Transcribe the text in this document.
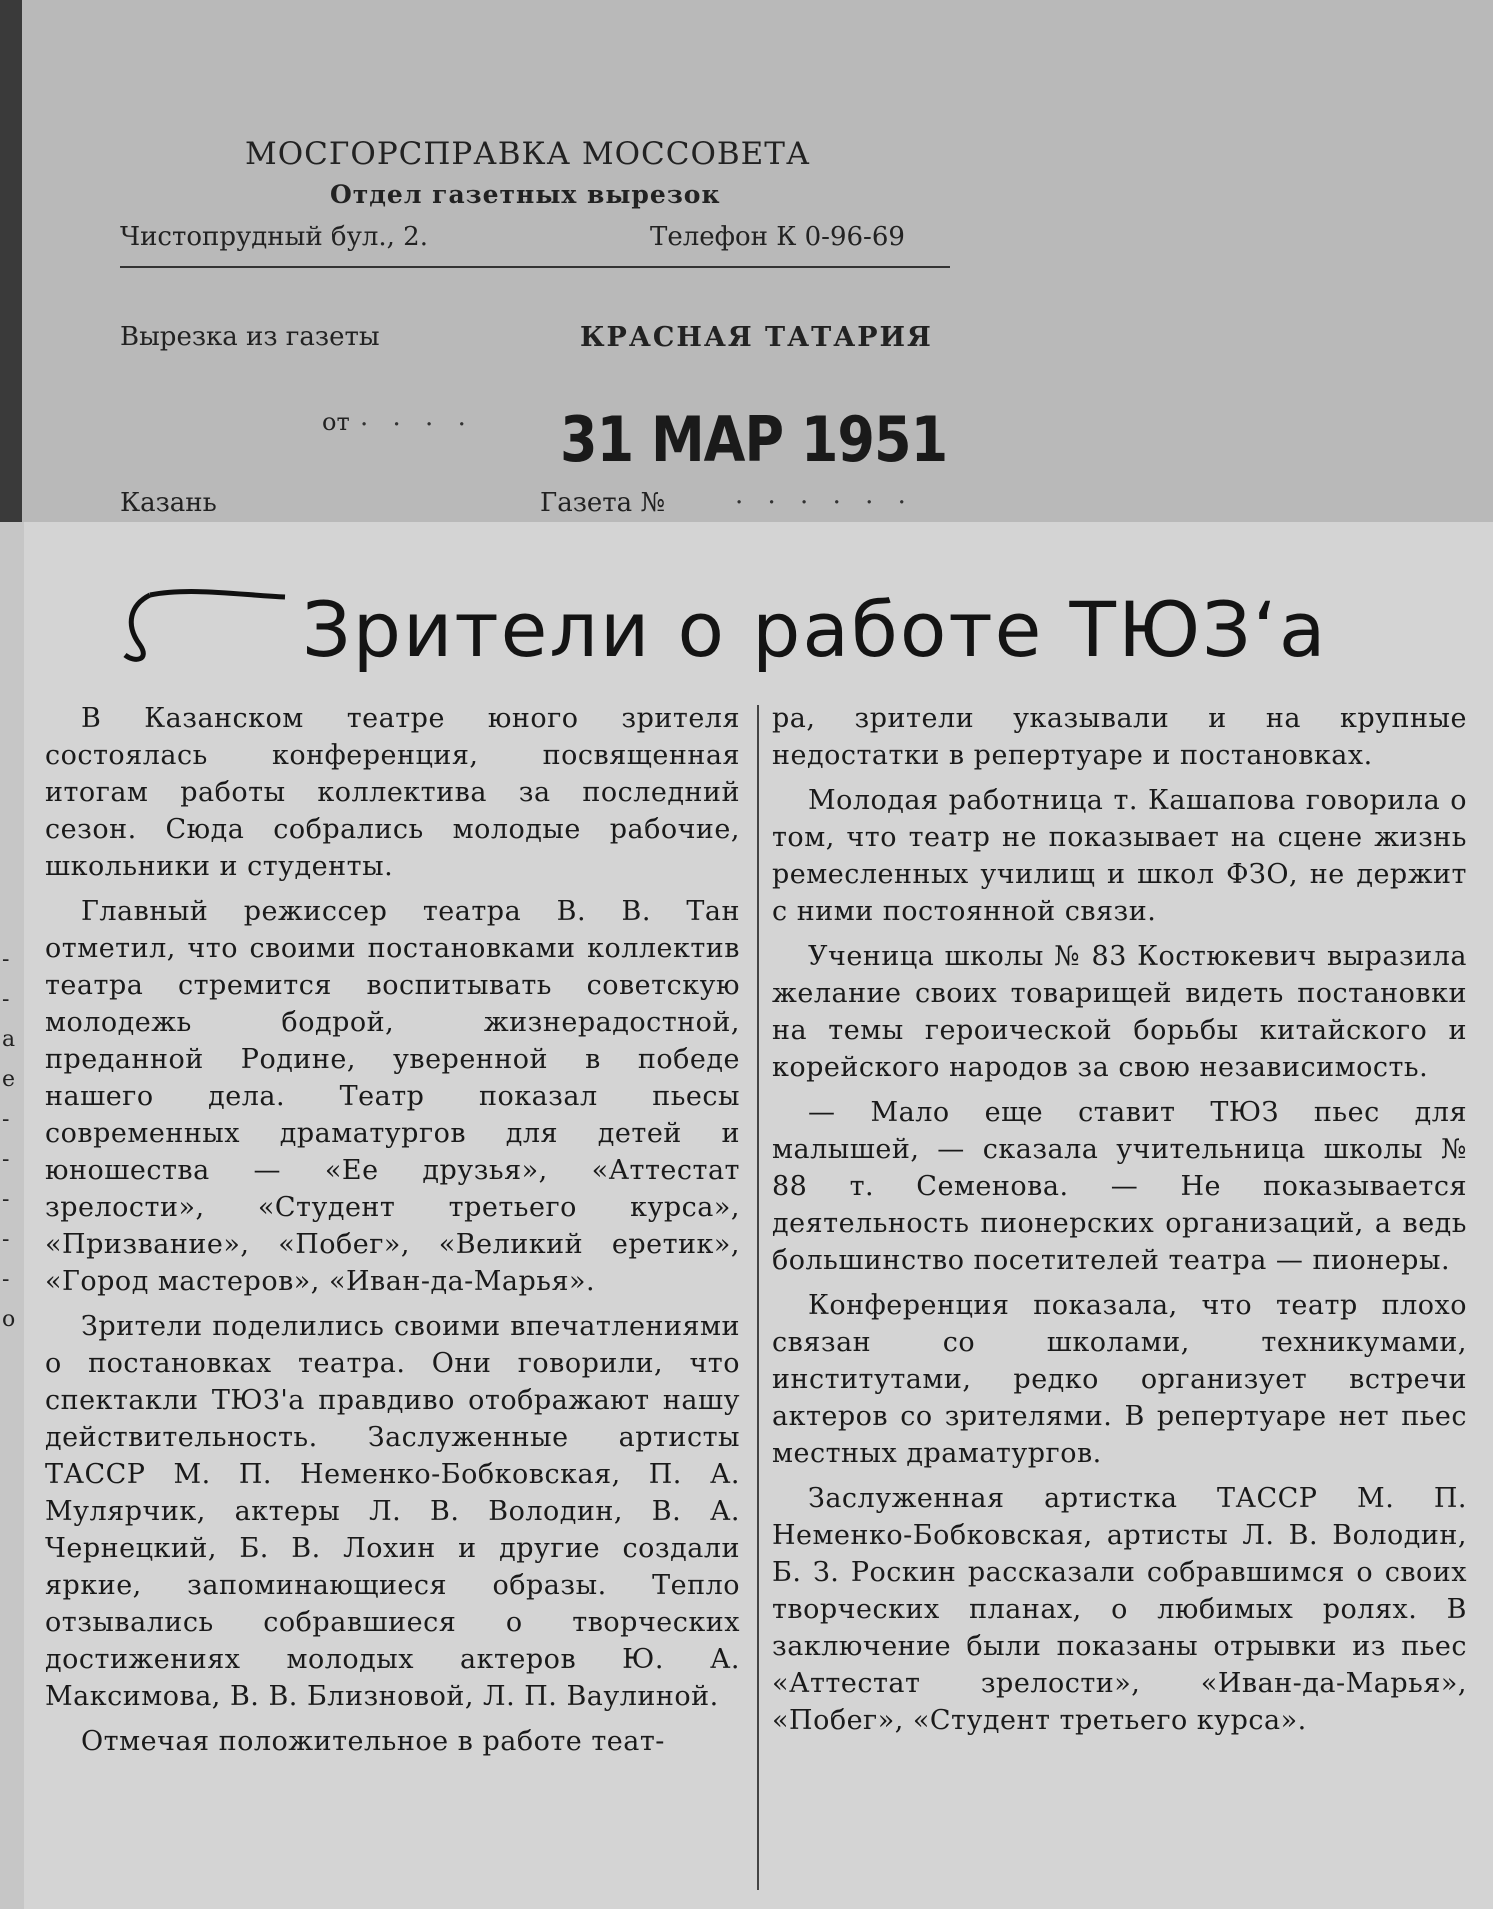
МОСГОРСПРАВКА МОССОВЕТА
Отдел газетных вырезок
Чистопрудный бул., 2.	Телефон К 0-96-69
Вырезка из газеты	КРАСНАЯ ТАТАРИЯ
от · · · · 31 МАР 1951
Казань	Газета №	· · · · · ·
-
-
а
е
-
-
-
-
-
о
Зрители о работе ТЮЗ‘а

В Казанском театре юного зрителя состоялась конференция, посвященная итогам работы коллектива за последний сезон. Сюда собрались молодые рабочие, школьники и студенты.

Главный режиссер театра В. В. Тан отметил, что своими постановками коллектив театра стремится воспитывать советскую молодежь бодрой, жизнерадостной, преданной Родине, уверенной в победе нашего дела. Театр показал пьесы современных драматургов для детей и юношества — «Ее друзья», «Аттестат зрелости», «Студент третьего курса», «Призвание», «Побег», «Великий еретик», «Город мастеров», «Иван-да-Марья».

Зрители поделились своими впечатлениями о постановках театра. Они говорили, что спектакли ТЮЗ'а правдиво отображают нашу действительность. Заслуженные артисты ТАССР М. П. Неменко-Бобковская, П. А. Мулярчик, актеры Л. В. Володин, В. А. Чернецкий, Б. В. Лохин и другие создали яркие, запоминающиеся образы. Тепло отзывались собравшиеся о творческих достижениях молодых актеров Ю. А. Максимова, В. В. Близновой, Л. П. Ваулиной.

Отмечая положительное в работе теат-

ра, зрители указывали и на крупные недостатки в репертуаре и постановках.

Молодая работница т. Кашапова говорила о том, что театр не показывает на сцене жизнь ремесленных училищ и школ ФЗО, не держит с ними постоянной связи.

Ученица школы № 83 Костюкевич выразила желание своих товарищей видеть постановки на темы героической борьбы китайского и корейского народов за свою независимость.

— Мало еще ставит ТЮЗ пьес для малышей, — сказала учительница школы № 88 т. Семенова. — Не показывается деятельность пионерских организаций, а ведь большинство посетителей театра — пионеры.

Конференция показала, что театр плохо связан со школами, техникумами, институтами, редко организует встречи актеров со зрителями. В репертуаре нет пьес местных драматургов.

Заслуженная артистка ТАССР М. П. Неменко-Бобковская, артисты Л. В. Володин, Б. З. Роскин рассказали собравшимся о своих творческих планах, о любимых ролях. В заключение были показаны отрывки из пьес «Аттестат зрелости», «Иван-да-Марья», «Побег», «Студент третьего курса».
